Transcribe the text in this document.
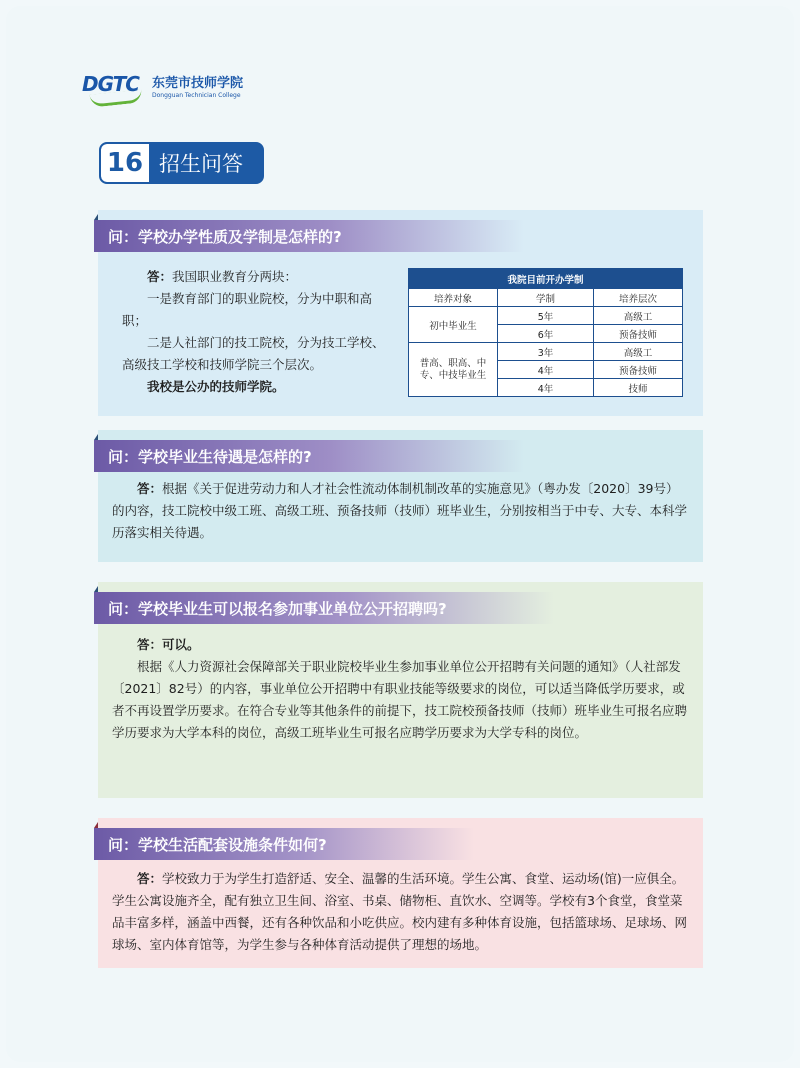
DGTC 东莞市技师学院
Dongguan Technician College
16 招生问答
问：学校办学性质及学制是怎样的?

答：我国职业教育分两块：

一是教育部门的职业院校，分为中职和高职；

二是人社部门的技工院校，分为技工学校、高级技工学校和技师学院三个层次。

我校是公办的技师学院。

我院目前开办学制		
培养对象	学制	培养层次
初中毕业生	5年	高级工
	6年	预备技师
普高、职高、中专、中技毕业生	3年	高级工
	4年	预备技师
	4年	技师
问：学校毕业生待遇是怎样的?

答：根据《关于促进劳动力和人才社会性流动体制机制改革的实施意见》（粤办发〔2020〕39号）的内容，技工院校中级工班、高级工班、预备技师（技师）班毕业生，分别按相当于中专、大专、本科学历落实相关待遇。

问：学校毕业生可以报名参加事业单位公开招聘吗?

答：可以。

根据《人力资源社会保障部关于职业院校毕业生参加事业单位公开招聘有关问题的通知》（人社部发〔2021〕82号）的内容，事业单位公开招聘中有职业技能等级要求的岗位，可以适当降低学历要求，或者不再设置学历要求。在符合专业等其他条件的前提下，技工院校预备技师（技师）班毕业生可报名应聘学历要求为大学本科的岗位，高级工班毕业生可报名应聘学历要求为大学专科的岗位。

问：学校生活配套设施条件如何?

答：学校致力于为学生打造舒适、安全、温馨的生活环境。学生公寓、食堂、运动场(馆)一应俱全。学生公寓设施齐全，配有独立卫生间、浴室、书桌、储物柜、直饮水、空调等。学校有3个食堂，食堂菜品丰富多样，涵盖中西餐，还有各种饮品和小吃供应。校内建有多种体育设施，包括篮球场、足球场、网球场、室内体育馆等，为学生参与各种体育活动提供了理想的场地。
